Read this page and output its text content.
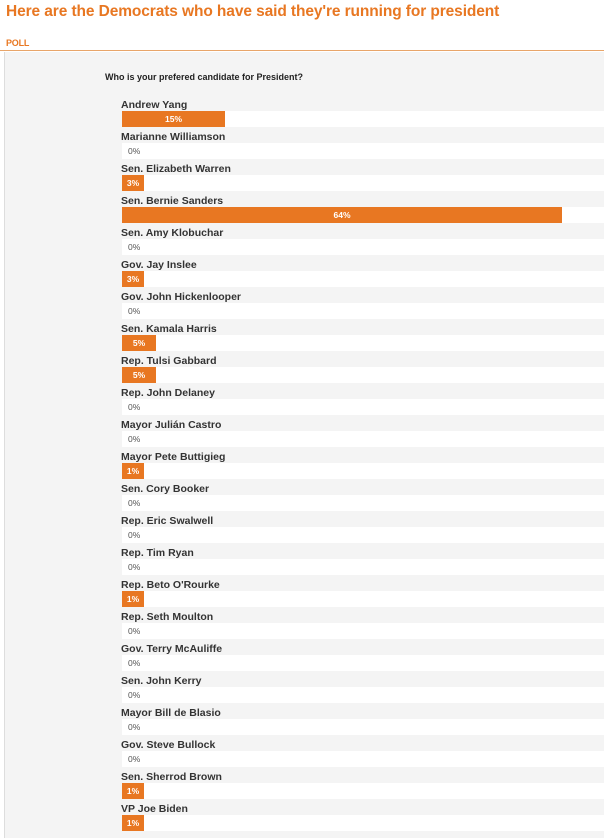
Here are the Democrats who have said they're running for president
POLL
Who is your prefered candidate for President?
Andrew Yang
15%
Marianne Williamson
0%
Sen. Elizabeth Warren
3%
Sen. Bernie Sanders
64%
Sen. Amy Klobuchar
0%
Gov. Jay Inslee
3%
Gov. John Hickenlooper
0%
Sen. Kamala Harris
5%
Rep. Tulsi Gabbard
5%
Rep. John Delaney
0%
Mayor Julián Castro
0%
Mayor Pete Buttigieg
1%
Sen. Cory Booker
0%
Rep. Eric Swalwell
0%
Rep. Tim Ryan
0%
Rep. Beto O'Rourke
1%
Rep. Seth Moulton
0%
Gov. Terry McAuliffe
0%
Sen. John Kerry
0%
Mayor Bill de Blasio
0%
Gov. Steve Bullock
0%
Sen. Sherrod Brown
1%
VP Joe Biden
1%
